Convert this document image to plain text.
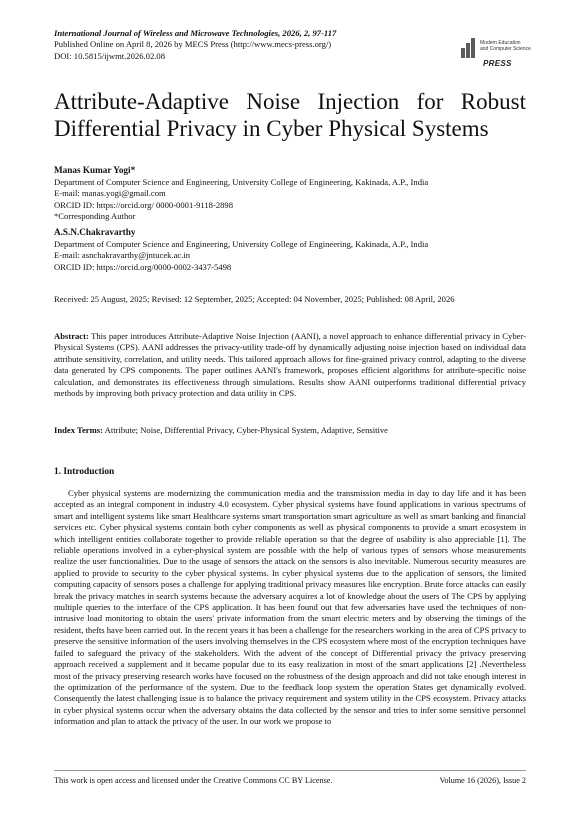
International Journal of Wireless and Microwave Technologies, 2026, 2, 97-117
Published Online on April 8, 2026 by MECS Press (http://www.mecs-press.org/)
DOI: 10.5815/ijwmt.2026.02.08
Modern Education
and Computer Science
PRESS
Attribute-Adaptive Noise Injection for Robust
Differential Privacy in Cyber Physical Systems
Manas Kumar Yogi*
Department of Computer Science and Engineering, University College of Engineering, Kakinada, A.P., India
E-mail: manas.yogi@gmail.com
ORCID ID: https://orcid.org/ 0000-0001-9118-2898
*Corresponding Author
A.S.N.Chakravarthy
Department of Computer Science and Engineering, University College of Engineering, Kakinada, A.P., India
E-mail: asnchakravarthy@jntucek.ac.in
ORCID ID: https://orcid.org/0000-0002-3437-5498
Received: 25 August, 2025; Revised: 12 September, 2025; Accepted: 04 November, 2025; Published: 08 April, 2026
Abstract: This paper introduces Attribute-Adaptive Noise Injection (AANI), a novel approach to enhance differential privacy in Cyber-Physical Systems (CPS). AANI addresses the privacy-utility trade-off by dynamically adjusting noise injection based on individual data attribute sensitivity, correlation, and utility needs. This tailored approach allows for fine-grained privacy control, adapting to the diverse data generated by CPS components. The paper outlines AANI's framework, proposes efficient algorithms for attribute-specific noise calculation, and demonstrates its effectiveness through simulations. Results show AANI outperforms traditional differential privacy methods by improving both privacy protection and data utility in CPS.
Index Terms: Attribute; Noise, Differential Privacy, Cyber-Physical System, Adaptive, Sensitive
1. Introduction
Cyber physical systems are modernizing the communication media and the transmission media in day to day life and it has been accepted as an integral component in industry 4.0 ecosystem. Cyber physical systems have found applications in various spectrums of smart and intelligent systems like smart Healthcare systems smart transportation smart agriculture as well as smart banking and financial services etc. Cyber physical systems contain both cyber components as well as physical components to provide a smart ecosystem in which intelligent entities collaborate together to provide reliable operation so that the degree of usability is also appreciable [1]. The reliable operations involved in a cyber-physical system are possible with the help of various types of sensors whose measurements realize the user functionalities. Due to the usage of sensors the attack on the sensors is also inevitable. Numerous security measures are applied to provide to security to the cyber physical systems. In cyber physical systems due to the application of sensors, the limited computing capacity of sensors poses a challenge for applying traditional privacy measures like encryption. Brute force attacks can easily break the privacy matches in search systems because the adversary acquires a lot of knowledge about the users of The CPS by applying multiple queries to the interface of the CPS application. It has been found out that few adversaries have used the techniques of non-intrusive load monitoring to obtain the users' private information from the smart electric meters and by observing the timings of the resident, thefts have been carried out. In the recent years it has been a challenge for the researchers working in the area of CPS privacy to preserve the sensitive information of the users involving themselves in the CPS ecosystem where most of the encryption techniques have failed to safeguard the privacy of the stakeholders. With the advent of the concept of Differential privacy the privacy preserving approach received a supplement and it became popular due to its easy realization in most of the smart applications [2] .Nevertheless most of the privacy preserving research works have focused on the robustness of the design approach and did not take enough interest in the optimization of the performance of the system. Due to the feedback loop system the operation States get dynamically evolved. Consequently the latest challenging issue is to balance the privacy requirement and system utility in the CPS ecosystem. Privacy attacks in cyber physical systems occur when the adversary obtains the data collected by the sensor and tries to infer some sensitive personnel information and plan to attack the privacy of the user. In our work we propose to
This work is open access and licensed under the Creative Commons CC BY License.	Volume 16 (2026), Issue 2
